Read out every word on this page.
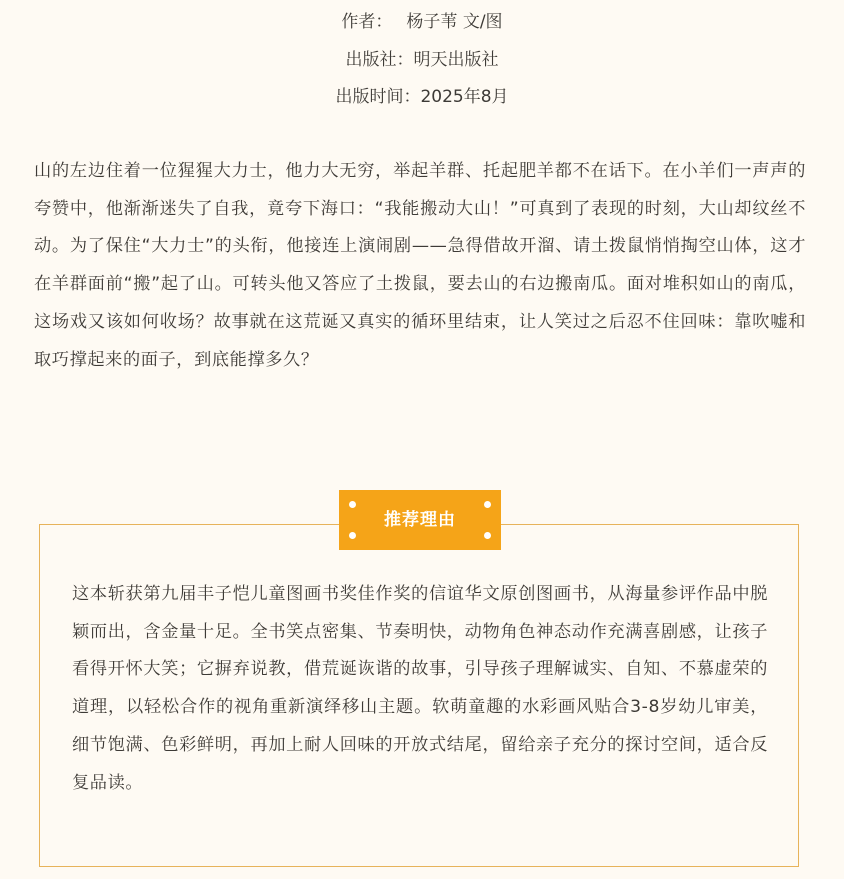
作者： 杨子苇 文/图
出版社：明天出版社
出版时间：2025年8月

山的左边住着一位猩猩大力士，他力大无穷，举起羊群、托起肥羊都不在话下。在小羊们一声声的夸赞中，他渐渐迷失了自我，竟夸下海口：“我能搬动大山！”可真到了表现的时刻，大山却纹丝不动。为了保住“大力士”的头衔，他接连上演闹剧——急得借故开溜、请土拨鼠悄悄掏空山体，这才在羊群面前“搬”起了山。可转头他又答应了土拨鼠，要去山的右边搬南瓜。面对堆积如山的南瓜，这场戏又该如何收场？故事就在这荒诞又真实的循环里结束，让人笑过之后忍不住回味：靠吹嘘和取巧撑起来的面子，到底能撑多久？

这本斩获第九届丰子恺儿童图画书奖佳作奖的信谊华文原创图画书，从海量参评作品中脱颖而出，含金量十足。全书笑点密集、节奏明快，动物角色神态动作充满喜剧感，让孩子看得开怀大笑；它摒弃说教，借荒诞诙谐的故事，引导孩子理解诚实、自知、不慕虚荣的道理，以轻松合作的视角重新演绎移山主题。软萌童趣的水彩画风贴合3-8岁幼儿审美，细节饱满、色彩鲜明，再加上耐人回味的开放式结尾，留给亲子充分的探讨空间，适合反复品读。

推荐理由
